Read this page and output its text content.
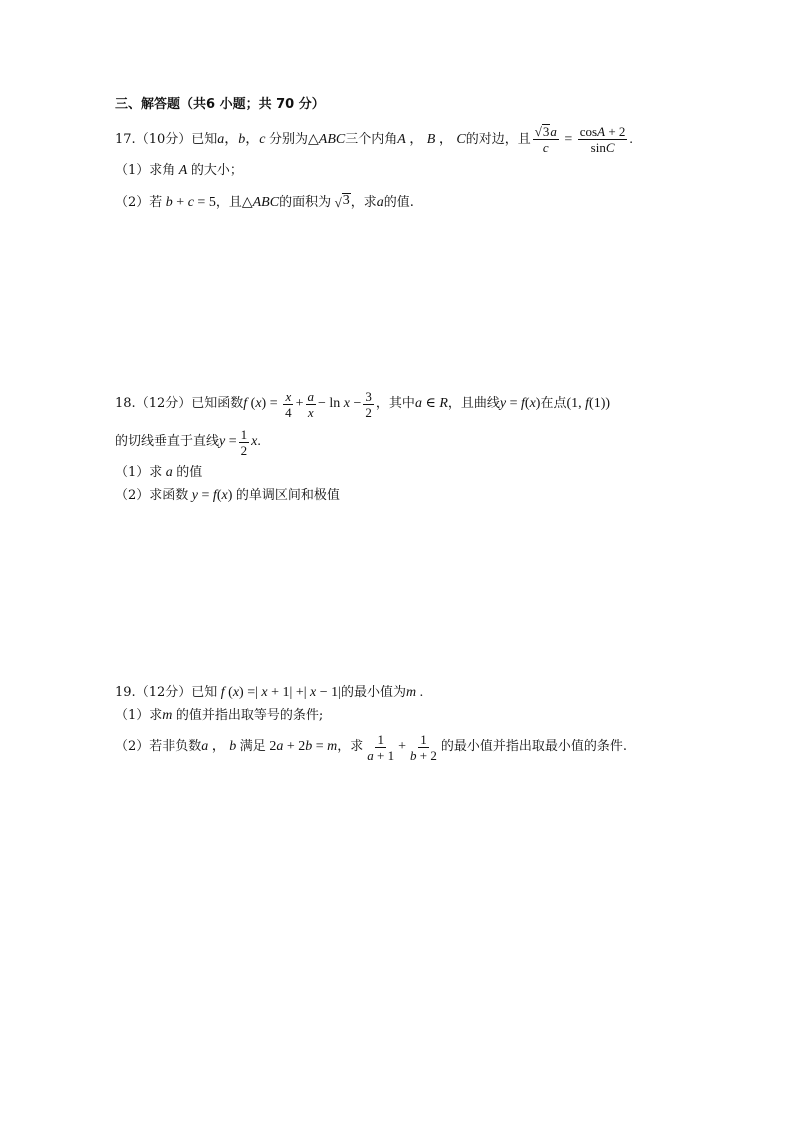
三、解答题（共6 小题；共 70 分）
17. （10分） 已知 a ， b ， c
分别为 △ ABC 三个内角 A ， B ， C 的对边，且 $\frac{√ 3 a}{c} = \frac{\cos A + 2}{\sin C}$ .
（1） 求角
A
的大小；
（2） 若
b + c = 5 ，且 △ ABC 的面积为
√ 3 ，求 a 的值.
18. （12分） 已知函数 f ( x ) = $\frac{x}{4} + \frac{a}{x} - \ln x - \frac{3}{2}$ ，其中 a ∈ R ，且曲线 y = f ( x ) 在点 (1, f (1))
的切线垂直于直线 $y = \frac{1}{2}$ x .
（1） 求
a
的值
（2） 求函数
y = f ( x ) 的单调区间和极值
19. （12分） 已知
f ( x ) =| x + 1| +| x − 1| 的最小值为 m .
（1） 求 m
的值并指出取等号的条件;
（2） 若非负数 a ， b
满足 2 a + 2 b = m ，求 $\frac{1}{a + 1} + \frac{1}{b + 2}$ 的最小值并指出取最小值的条件.
